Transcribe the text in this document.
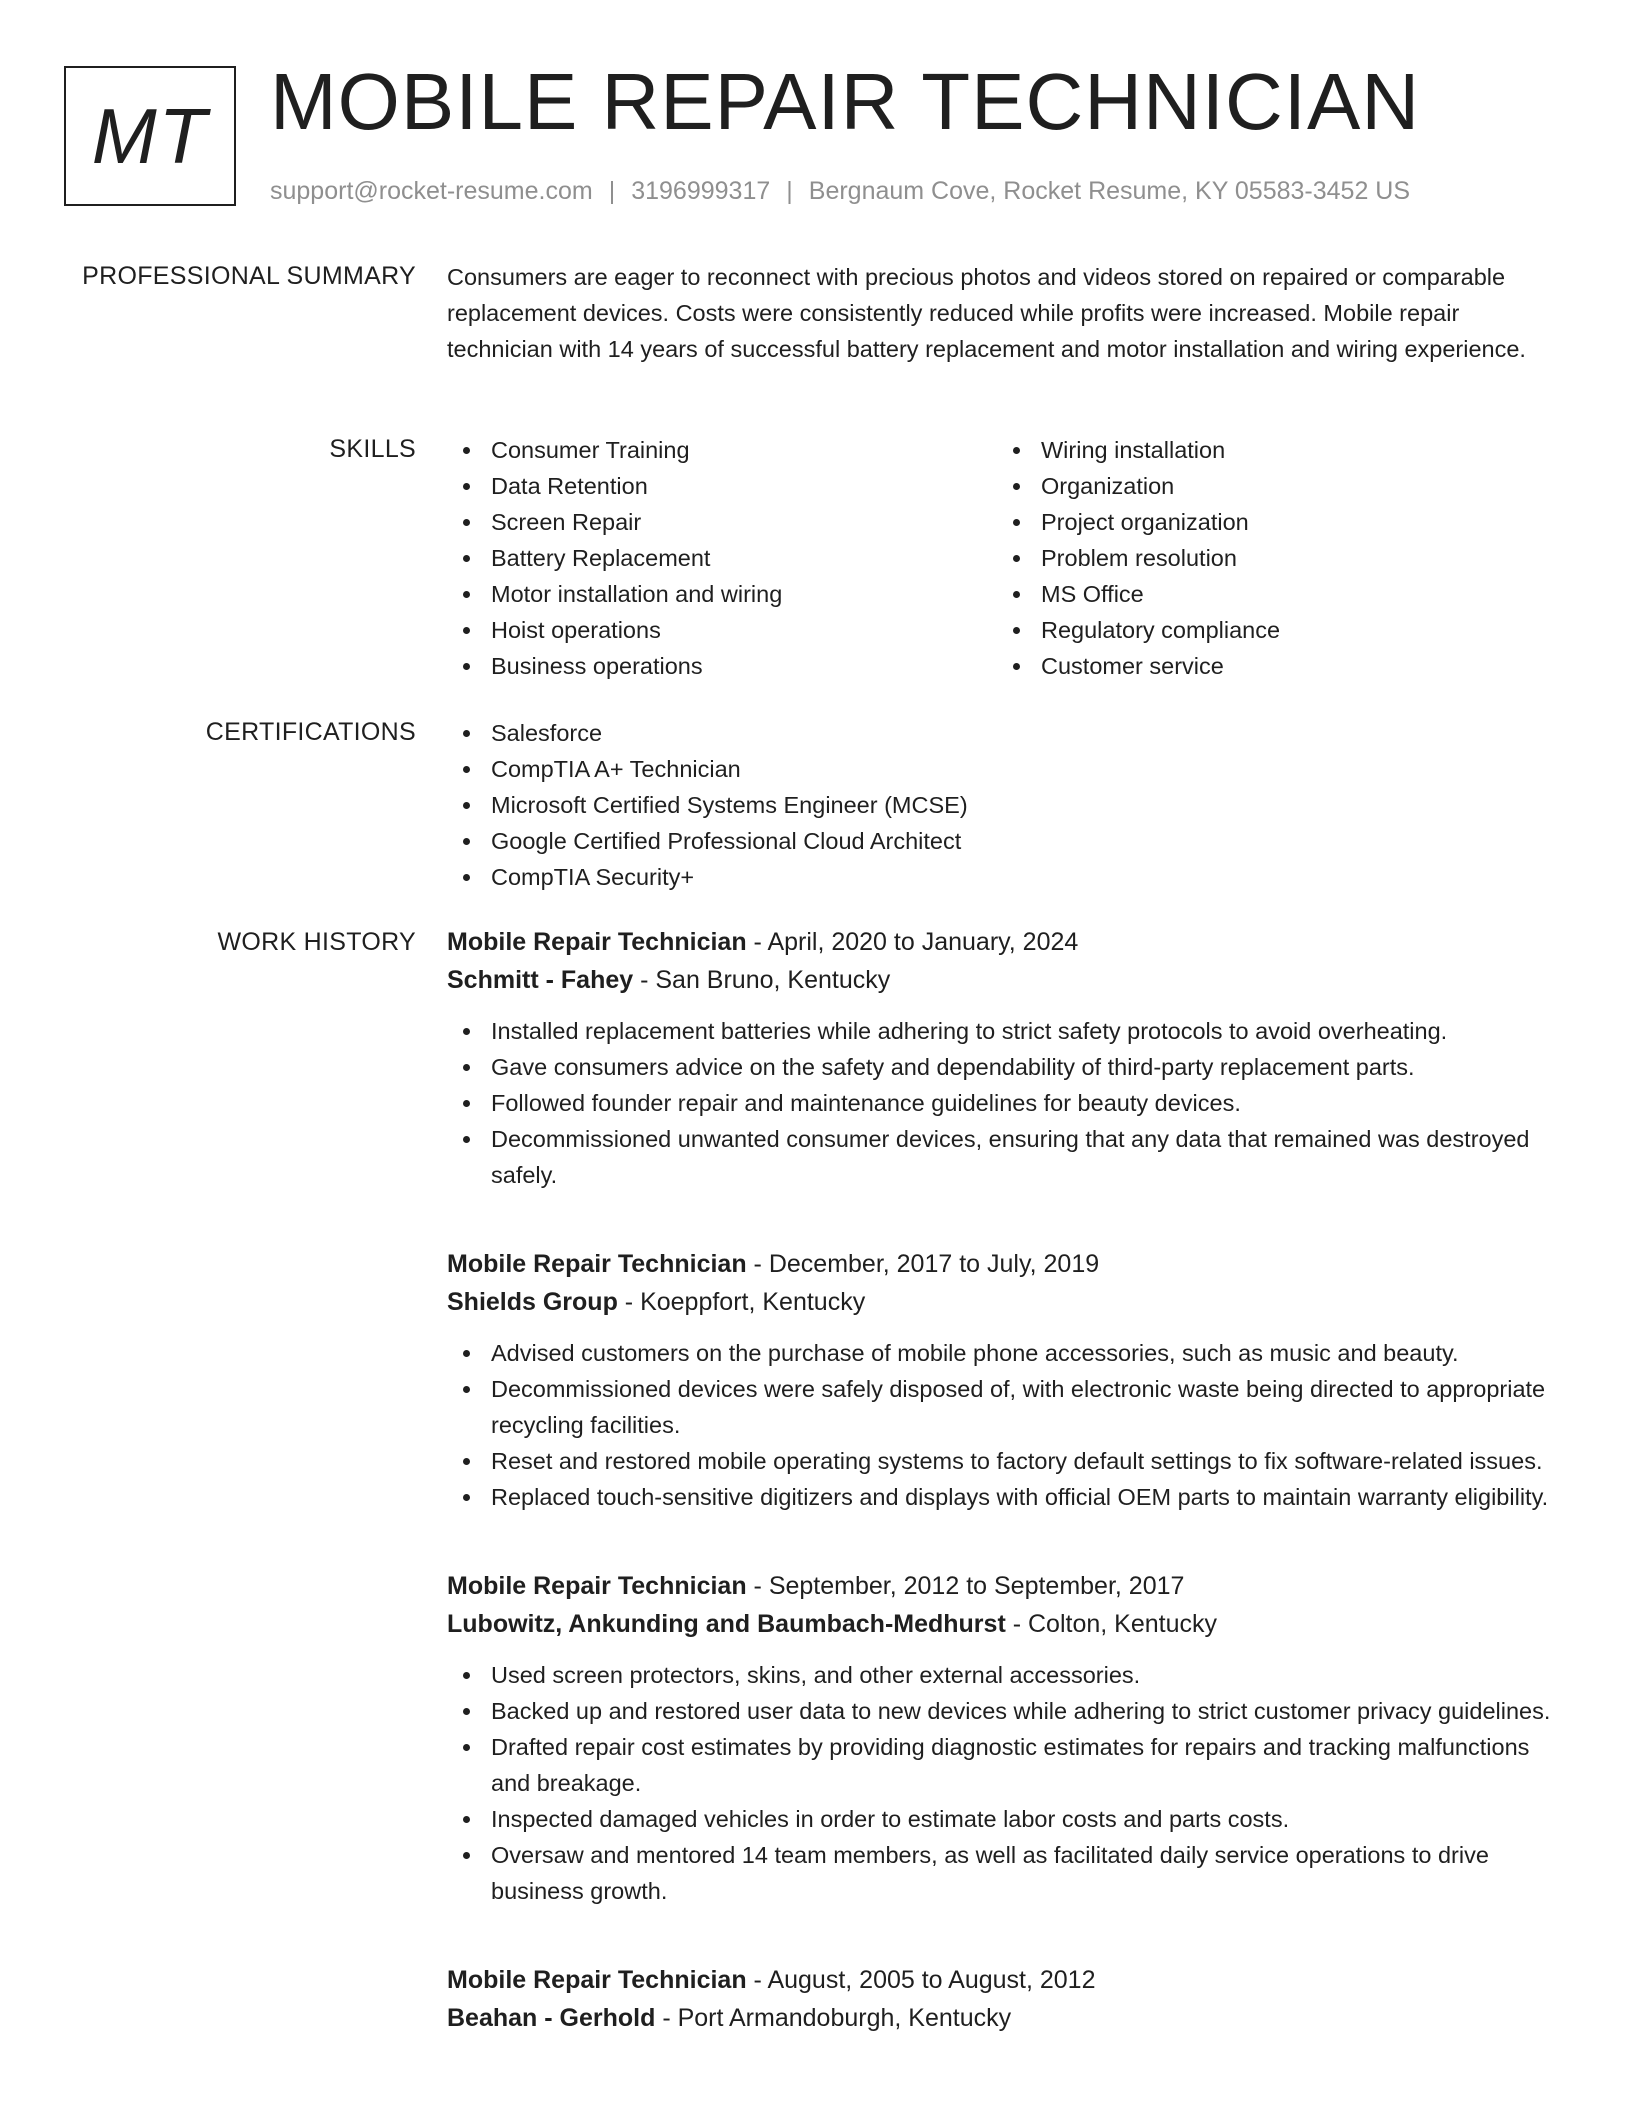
MT MOBILE REPAIR TECHNICIAN
support@rocket-resume.com | 3196999317 | Bergnaum Cove, Rocket Resume, KY 05583-3452 US
PROFESSIONAL SUMMARY Consumers are eager to reconnect with precious photos and videos stored on repaired or comparable replacement devices. Costs were consistently reduced while profits were increased. Mobile repair technician with 14 years of successful battery replacement and motor installation and wiring experience.

SKILLS	Consumer Training
Data Retention
Screen Repair
Battery Replacement
Motor installation and wiring
Hoist operations
Business operations
Wiring installation
Organization
Project organization
Problem resolution
MS Office
Regulatory compliance
Customer service
CERTIFICATIONS	Salesforce
CompTIA A+ Technician
Microsoft Certified Systems Engineer (MCSE)
Google Certified Professional Cloud Architect
CompTIA Security+
WORK HISTORY Mobile Repair Technician - April, 2020 to January, 2024
Schmitt - Fahey - San Bruno, Kentucky
Installed replacement batteries while adhering to strict safety protocols to avoid overheating.
Gave consumers advice on the safety and dependability of third-party replacement parts.
Followed founder repair and maintenance guidelines for beauty devices.
Decommissioned unwanted consumer devices, ensuring that any data that remained was destroyed safely.
Mobile Repair Technician - December, 2017 to July, 2019
Shields Group - Koeppfort, Kentucky
Advised customers on the purchase of mobile phone accessories, such as music and beauty.
Decommissioned devices were safely disposed of, with electronic waste being directed to appropriate recycling facilities.
Reset and restored mobile operating systems to factory default settings to fix software-related issues.
Replaced touch-sensitive digitizers and displays with official OEM parts to maintain warranty eligibility.
Mobile Repair Technician - September, 2012 to September, 2017
Lubowitz, Ankunding and Baumbach-Medhurst - Colton, Kentucky
Used screen protectors, skins, and other external accessories.
Backed up and restored user data to new devices while adhering to strict customer privacy guidelines.
Drafted repair cost estimates by providing diagnostic estimates for repairs and tracking malfunctions and breakage.
Inspected damaged vehicles in order to estimate labor costs and parts costs.
Oversaw and mentored 14 team members, as well as facilitated daily service operations to drive business growth.
Mobile Repair Technician - August, 2005 to August, 2012
Beahan - Gerhold - Port Armandoburgh, Kentucky
